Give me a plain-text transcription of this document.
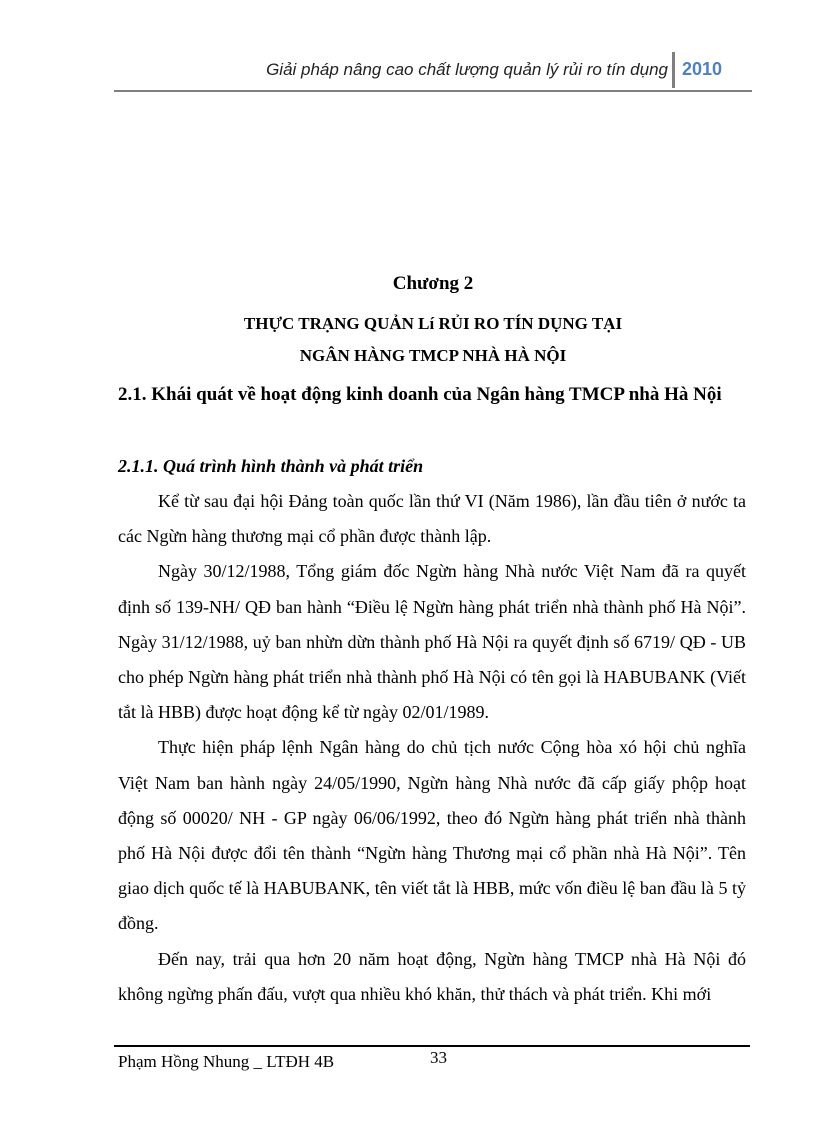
Giải pháp nâng cao chất lượng quản lý rủi ro tín dụng 2010
Chương 2
THỰC TRẠNG QUẢN Lí RỦI RO TÍN DỤNG TẠI
NGÂN HÀNG TMCP NHÀ HÀ NỘI
2.1. Khái quát về hoạt động kinh doanh của Ngân hàng TMCP nhà Hà Nội
2.1.1. Quá trình hình thành và phát triển

Kể từ sau đại hội Đảng toàn quốc lần thứ VI (Năm 1986), lần đầu tiên ở nước ta các Ngừn hàng thương mại cổ phần được thành lập.

Ngày 30/12/1988, Tổng giám đốc Ngừn hàng Nhà nước Việt Nam đã ra quyết định số 139-NH/ QĐ ban hành “Điều lệ Ngừn hàng phát triển nhà thành phố Hà Nội”. Ngày 31/12/1988, uỷ ban nhừn dừn thành phố Hà Nội ra quyết định số 6719/ QĐ - UB cho phép Ngừn hàng phát triển nhà thành phố Hà Nội có tên gọi là HABUBANK (Viết tắt là HBB) được hoạt động kể từ ngày 02/01/1989.

Thực hiện pháp lệnh Ngân hàng do chủ tịch nước Cộng hòa xó hội chủ nghĩa Việt Nam ban hành ngày 24/05/1990, Ngừn hàng Nhà nước đã cấp giấy phộp hoạt động số 00020/ NH - GP ngày 06/06/1992, theo đó Ngừn hàng phát triển nhà thành phố Hà Nội được đổi tên thành “Ngừn hàng Thương mại cổ phần nhà Hà Nội”. Tên giao dịch quốc tế là HABUBANK, tên viết tắt là HBB, mức vốn điều lệ ban đầu là 5 tỷ đồng.

Đến nay, trải qua hơn 20 năm hoạt động, Ngừn hàng TMCP nhà Hà Nội đó không ngừng phấn đấu, vượt qua nhiều khó khăn, thử thách và phát triển. Khi mới

Phạm Hồng Nhung _ LTĐH 4B	33
